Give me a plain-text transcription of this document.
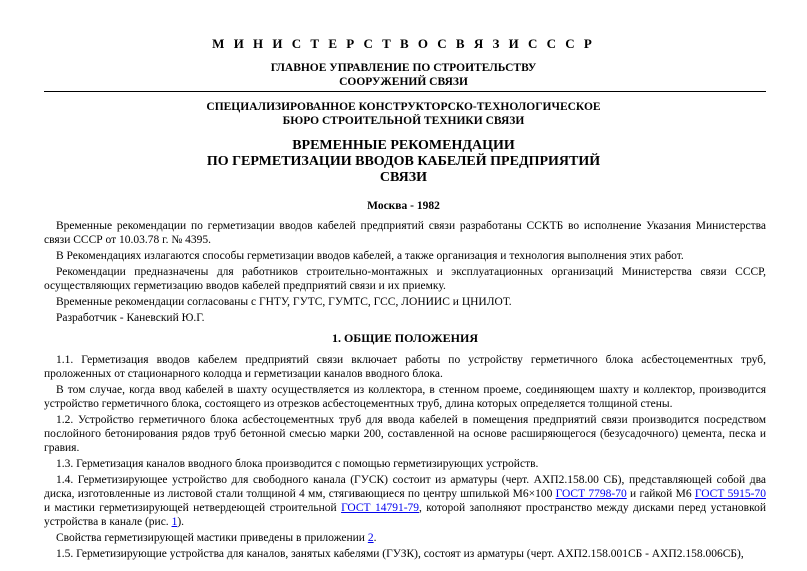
М И Н И С Т Е Р С Т В О С В Я З И С С С Р
ГЛАВНОЕ УПРАВЛЕНИЕ ПО СТРОИТЕЛЬСТВУ
СООРУЖЕНИЙ СВЯЗИ
СПЕЦИАЛИЗИРОВАННОЕ КОНСТРУКТОРСКО-ТЕХНОЛОГИЧЕСКОЕ
БЮРО СТРОИТЕЛЬНОЙ ТЕХНИКИ СВЯЗИ
ВРЕМЕННЫЕ РЕКОМЕНДАЦИИ
ПО ГЕРМЕТИЗАЦИИ ВВОДОВ КАБЕЛЕЙ ПРЕДПРИЯТИЙ
СВЯЗИ
Москва - 1982

Временные рекомендации по герметизации вводов кабелей предприятий связи разработаны ССКТБ во исполнение Указания Министерства связи СССР от 10.03.78 г. № 4395.

В Рекомендациях излагаются способы герметизации вводов кабелей, а также организация и технология выполнения этих работ.

Рекомендации предназначены для работников строительно-монтажных и эксплуатационных организаций Министерства связи СССР, осуществляющих герметизацию вводов кабелей предприятий связи и их приемку.

Временные рекомендации согласованы с ГНТУ, ГУТС, ГУМТС, ГСС, ЛОНИИС и ЦНИЛОТ.

Разработчик - Каневский Ю.Г.

1. ОБЩИЕ ПОЛОЖЕНИЯ

1.1. Герметизация вводов кабелем предприятий связи включает работы по устройству герметичного блока асбестоцементных труб, проложенных от стационарного колодца и герметизации каналов вводного блока.

В том случае, когда ввод кабелей в шахту осуществляется из коллектора, в стенном проеме, соединяющем шахту и коллектор, производится устройство герметичного блока, состоящего из отрезков асбестоцементных труб, длина которых определяется толщиной стены.

1.2. Устройство герметичного блока асбестоцементных труб для ввода кабелей в помещения предприятий связи производится посредством послойного бетонирования рядов труб бетонной смесью марки 200, составленной на основе расширяющегося (безусадочного) цемента, песка и гравия.

1.3. Герметизация каналов вводного блока производится с помощью герметизирующих устройств.

1.4. Герметизирующее устройство для свободного канала (ГУСК) состоит из арматуры (черт. АХП2.158.00 СБ), представляющей собой два диска, изготовленные из листовой стали толщиной 4 мм, стягивающиеся по центру шпилькой М6×100 ГОСТ 7798-70 и гайкой М6 ГОСТ 5915-70 и мастики герметизирующей нетвердеющей строительной ГОСТ 14791-79, которой заполняют пространство между дисками перед установкой устройства в канале (рис. 1).

Свойства герметизирующей мастики приведены в приложении 2.

1.5. Герметизирующие устройства для каналов, занятых кабелями (ГУЗК), состоят из арматуры (черт. АХП2.158.001СБ - АХП2.158.006СБ),
